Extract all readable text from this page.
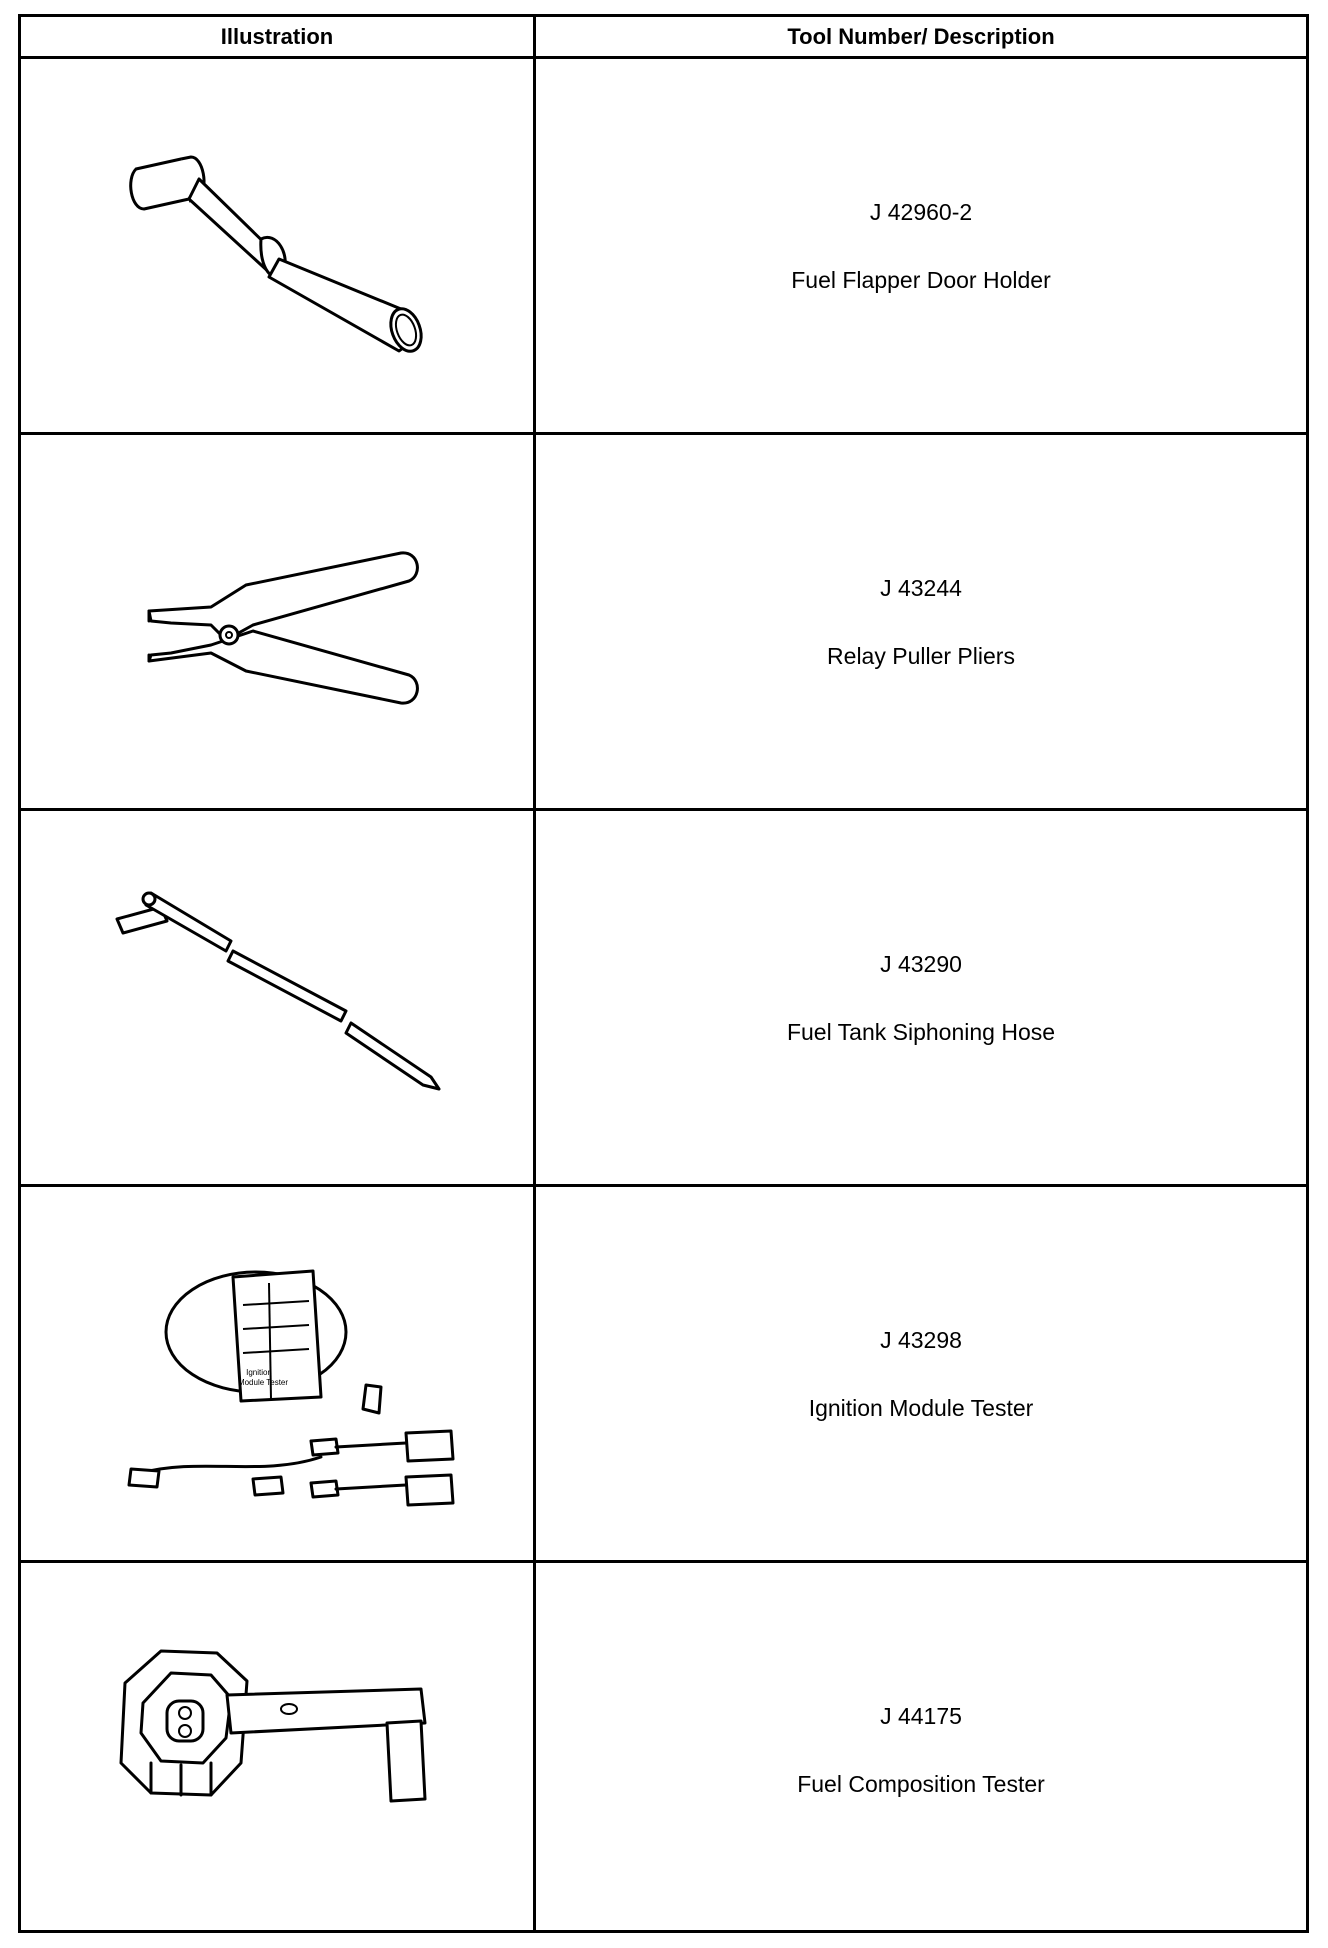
Illustration	Tool Number/ Description
J 42960-2
Fuel Flapper Door Holder
J 43244
Relay Puller Pliers
J 43290
Fuel Tank Siphoning Hose
Ignition
Module Tester
J 43298
Ignition Module Tester
J 44175
Fuel Composition Tester
